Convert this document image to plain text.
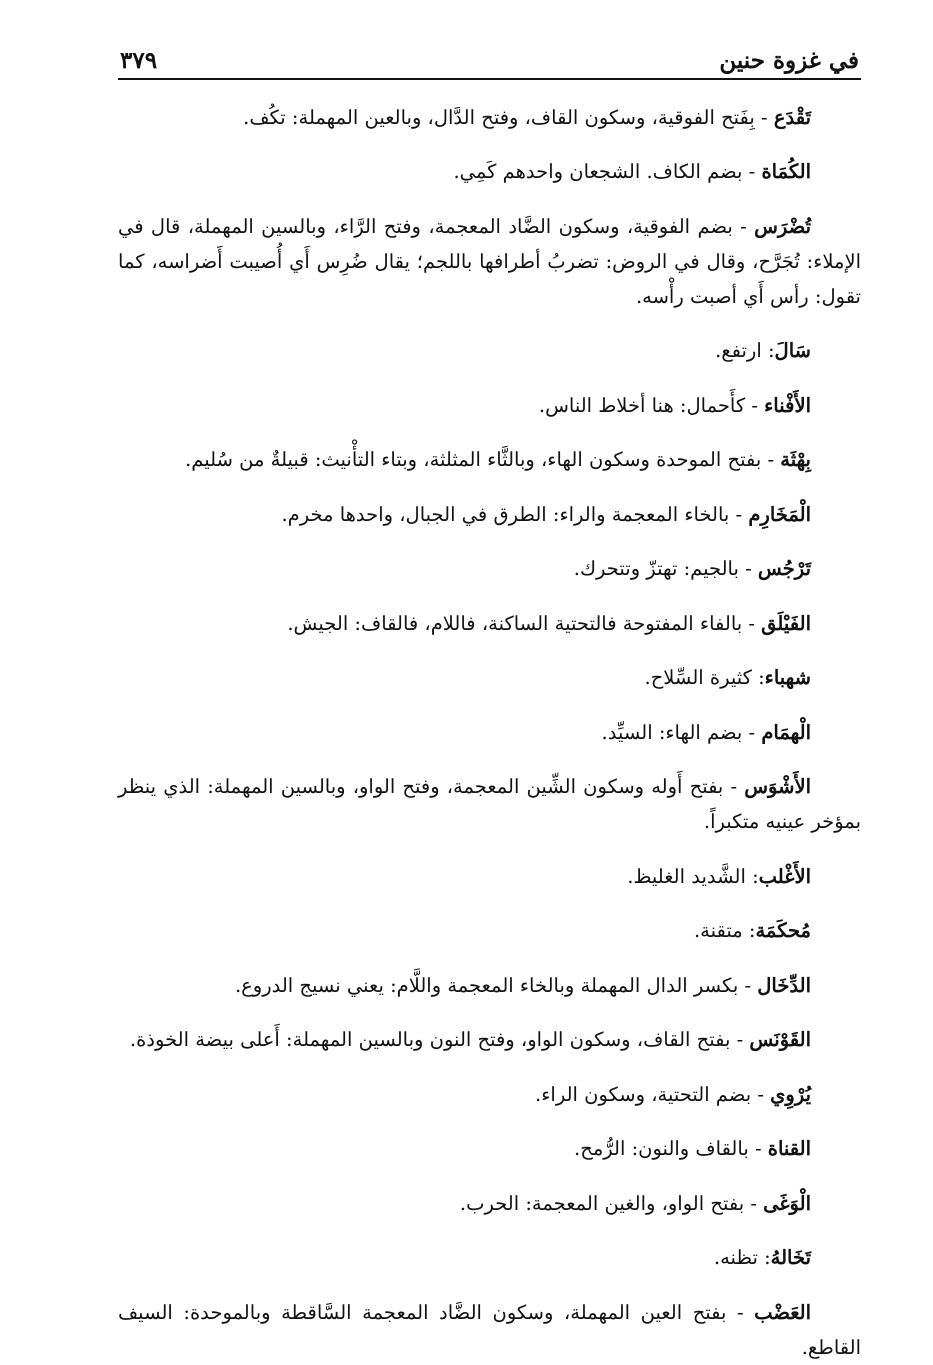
في غزوة حنين
٣٧٩

تَقْدَع - بِفَتح الفوقية، وسكون القاف، وفتح الدَّال، وبالعين المهملة: تكُف.

الكُمَاة - بضم الكاف. الشجعان واحدهم كَمِي.

تُضْرَس - بضم الفوقية، وسكون الضَّاد المعجمة، وفتح الرَّاء، وبالسين المهملة، قال في الإملاء: تُجَرَّح، وقال في الروض: تضربُ أطرافها باللجم؛ يقال ضُرِس أَي أُصيبت أَضراسه، كما تقول: رأس أَي أصبت رأْسه.

سَالَ: ارتفع.

الأَفْناء - كأَحمال: هنا أخلاط الناس.

بِهْثَة - بفتح الموحدة وسكون الهاء، وبالثَّاء المثلثة، وبتاء التأْنيث: قبيلةٌ من سُليم.

الْمَخَارِم - بالخاء المعجمة والراء: الطرق في الجبال، واحدها مخرم.

تَرْجُس - بالجيم: تهتزّ وتتحرك.

الفَيْلَق - بالفاء المفتوحة فالتحتية الساكنة، فاللام، فالقاف: الجيش.

شهباء: كثيرة السِّلاح.

الْهمَام - بضم الهاء: السيِّد.

الأَشْوَس - بفتح أَوله وسكون الشِّين المعجمة، وفتح الواو، وبالسين المهملة: الذي ينظر بمؤخر عينيه متكبراً.

الأَغْلب: الشَّديد الغليظ.

مُحكَمَة: متقنة.

الدِّخَال - بكسر الدال المهملة وبالخاء المعجمة واللَّام: يعني نسيج الدروع.

القَوْنَس - بفتح القاف، وسكون الواو، وفتح النون وبالسين المهملة: أَعلى بيضة الخوذة.

يُرْوِي - بضم التحتية، وسكون الراء.

القناة - بالقاف والنون: الرُّمح.

الْوَغَى - بفتح الواو، والغين المعجمة: الحرب.

تَخَالهُ: تظنه.

العَضْب - بفتح العين المهملة، وسكون الضَّاد المعجمة السَّاقطة وبالموحدة: السيف القاطع.
